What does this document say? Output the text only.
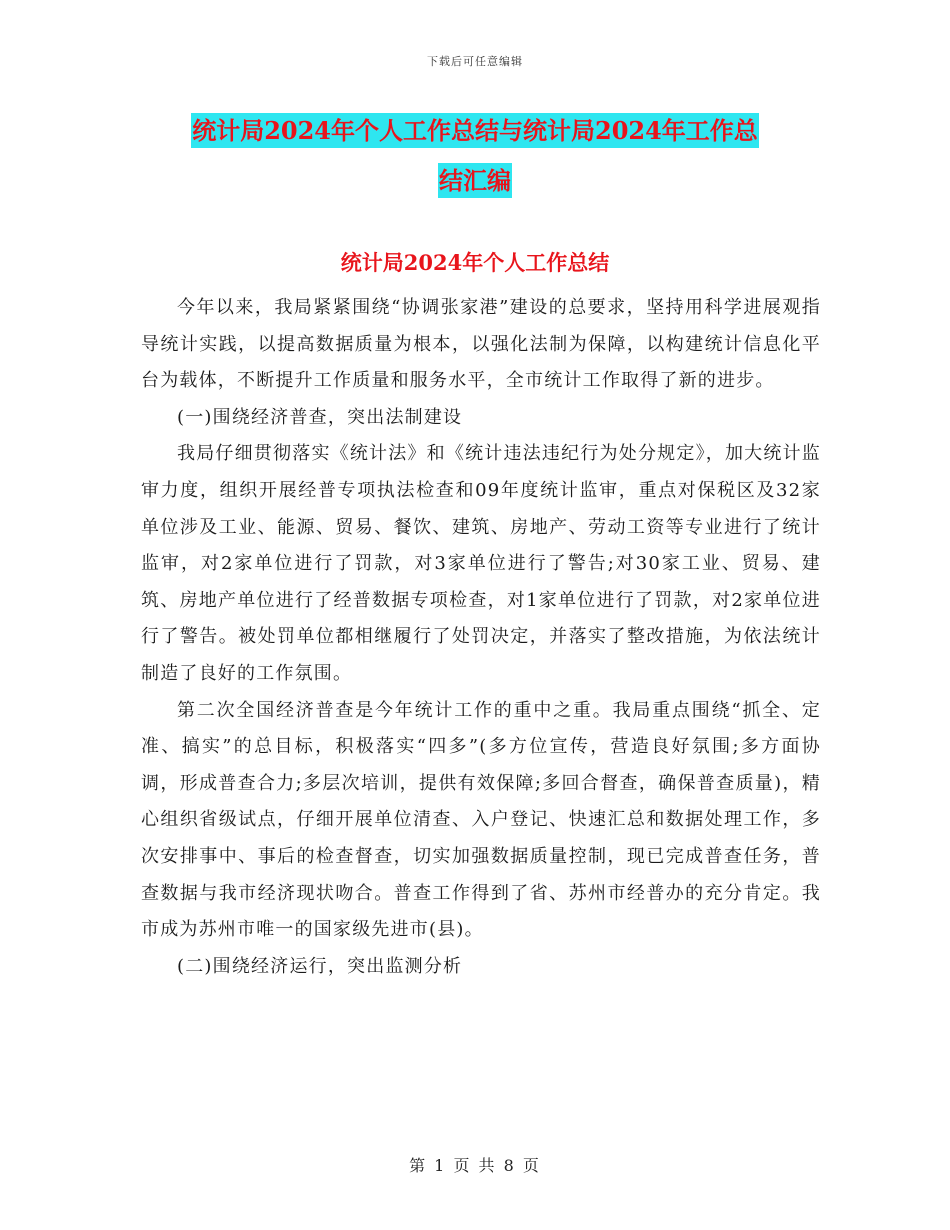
下载后可任意编辑
统计局2024年个人工作总结与统计局2024年工作总
结汇编
统计局2024年个人工作总结

今年以来，我局紧紧围绕“协调张家港”建设的总要求，坚持用科学进展观指导统计实践，以提高数据质量为根本，以强化法制为保障，以构建统计信息化平台为载体，不断提升工作质量和服务水平，全市统计工作取得了新的进步。

(一)围绕经济普查，突出法制建设

我局仔细贯彻落实《统计法》和《统计违法违纪行为处分规定》，加大统计监审力度，组织开展经普专项执法检查和09年度统计监审，重点对保税区及32家单位涉及工业、能源、贸易、餐饮、建筑、房地产、劳动工资等专业进行了统计监审，对2家单位进行了罚款，对3家单位进行了警告;对30家工业、贸易、建筑、房地产单位进行了经普数据专项检查，对1家单位进行了罚款，对2家单位进行了警告。被处罚单位都相继履行了处罚决定，并落实了整改措施，为依法统计制造了良好的工作氛围。

第二次全国经济普查是今年统计工作的重中之重。我局重点围绕“抓全、定准、搞实”的总目标，积极落实“四多”(多方位宣传，营造良好氛围;多方面协调，形成普查合力;多层次培训，提供有效保障;多回合督查，确保普查质量)，精心组织省级试点，仔细开展单位清查、入户登记、快速汇总和数据处理工作，多次安排事中、事后的检查督查，切实加强数据质量控制，现已完成普查任务，普查数据与我市经济现状吻合。普查工作得到了省、苏州市经普办的充分肯定。我市成为苏州市唯一的国家级先进市(县)。

(二)围绕经济运行，突出监测分析

第 1 页 共 8 页
